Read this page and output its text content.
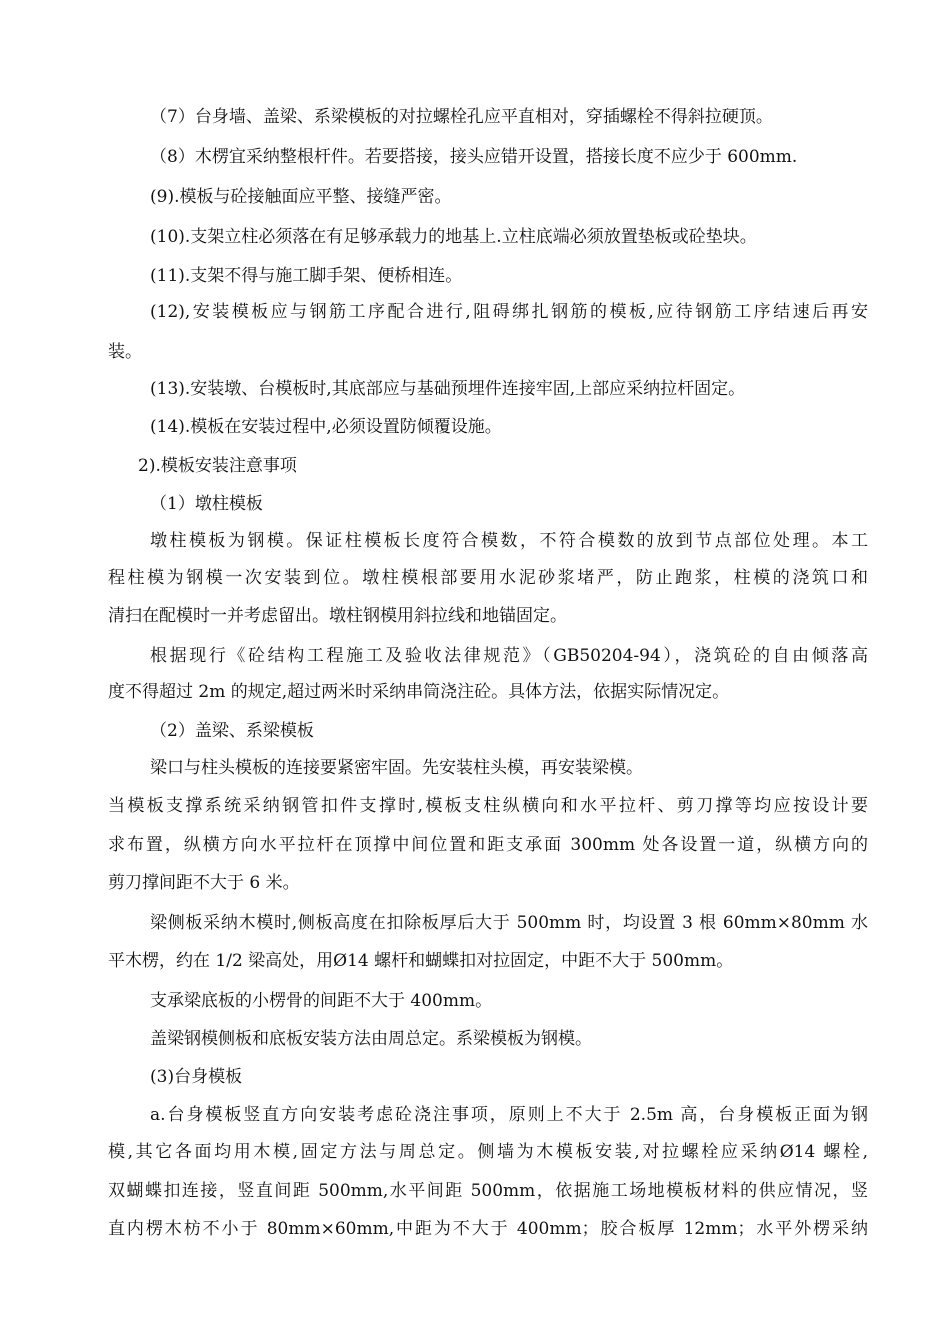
（7）台身墙、盖梁、系梁模板的对拉螺栓孔应平直相对，穿插螺栓不得斜拉硬顶。
（8）木楞宜采纳整根杆件。若要搭接，接头应错开设置，搭接长度不应少于 600mm.
(9).模板与砼接触面应平整、接缝严密。
(10).支架立柱必须落在有足够承载力的地基上.立柱底端必须放置垫板或砼垫块。
(11).支架不得与施工脚手架、便桥相连。
(12),安装模板应与钢筋工序配合进行,阻碍绑扎钢筋的模板,应待钢筋工序结速后再安
装。
(13).安装墩、台模板时,其底部应与基础预埋件连接牢固,上部应采纳拉杆固定。
(14).模板在安装过程中,必须设置防倾覆设施。
2).模板安装注意事项
（1）墩柱模板
墩柱模板为钢模。保证柱模板长度符合模数，不符合模数的放到节点部位处理。本工
程柱模为钢模一次安装到位。墩柱模根部要用水泥砂浆堵严，防止跑浆，柱模的浇筑口和
清扫在配模时一并考虑留出。墩柱钢模用斜拉线和地锚固定。
根据现行《砼结构工程施工及验收法律规范》（GB50204-94），浇筑砼的自由倾落高
度不得超过 2m 的规定,超过两米时采纳串筒浇注砼。具体方法，依据实际情况定。
（2）盖梁、系梁模板
梁口与柱头模板的连接要紧密牢固。先安装柱头模，再安装梁模。
当模板支撑系统采纳钢管扣件支撑时,模板支柱纵横向和水平拉杆、剪刀撑等均应按设计要
求布置，纵横方向水平拉杆在顶撑中间位置和距支承面 300mm 处各设置一道，纵横方向的
剪刀撑间距不大于 6 米。
梁侧板采纳木模时,侧板高度在扣除板厚后大于 500mm 时，均设置 3 根 60mm×80mm 水
平木楞，约在 1/2 梁高处，用Ø14 螺杆和蝴蝶扣对拉固定，中距不大于 500mm。
支承梁底板的小楞骨的间距不大于 400mm。
盖梁钢模侧板和底板安装方法由周总定。系梁模板为钢模。
(3)台身模板
a.台身模板竖直方向安装考虑砼浇注事项，原则上不大于 2.5m 高，台身模板正面为钢
模,其它各面均用木模,固定方法与周总定。侧墙为木模板安装,对拉螺栓应采纳Ø14 螺栓,
双蝴蝶扣连接，竖直间距 500mm,水平间距 500mm，依据施工场地模板材料的供应情况，竖
直内楞木枋不小于 80mm×60mm,中距为不大于 400mm；胶合板厚 12mm；水平外楞采纳
